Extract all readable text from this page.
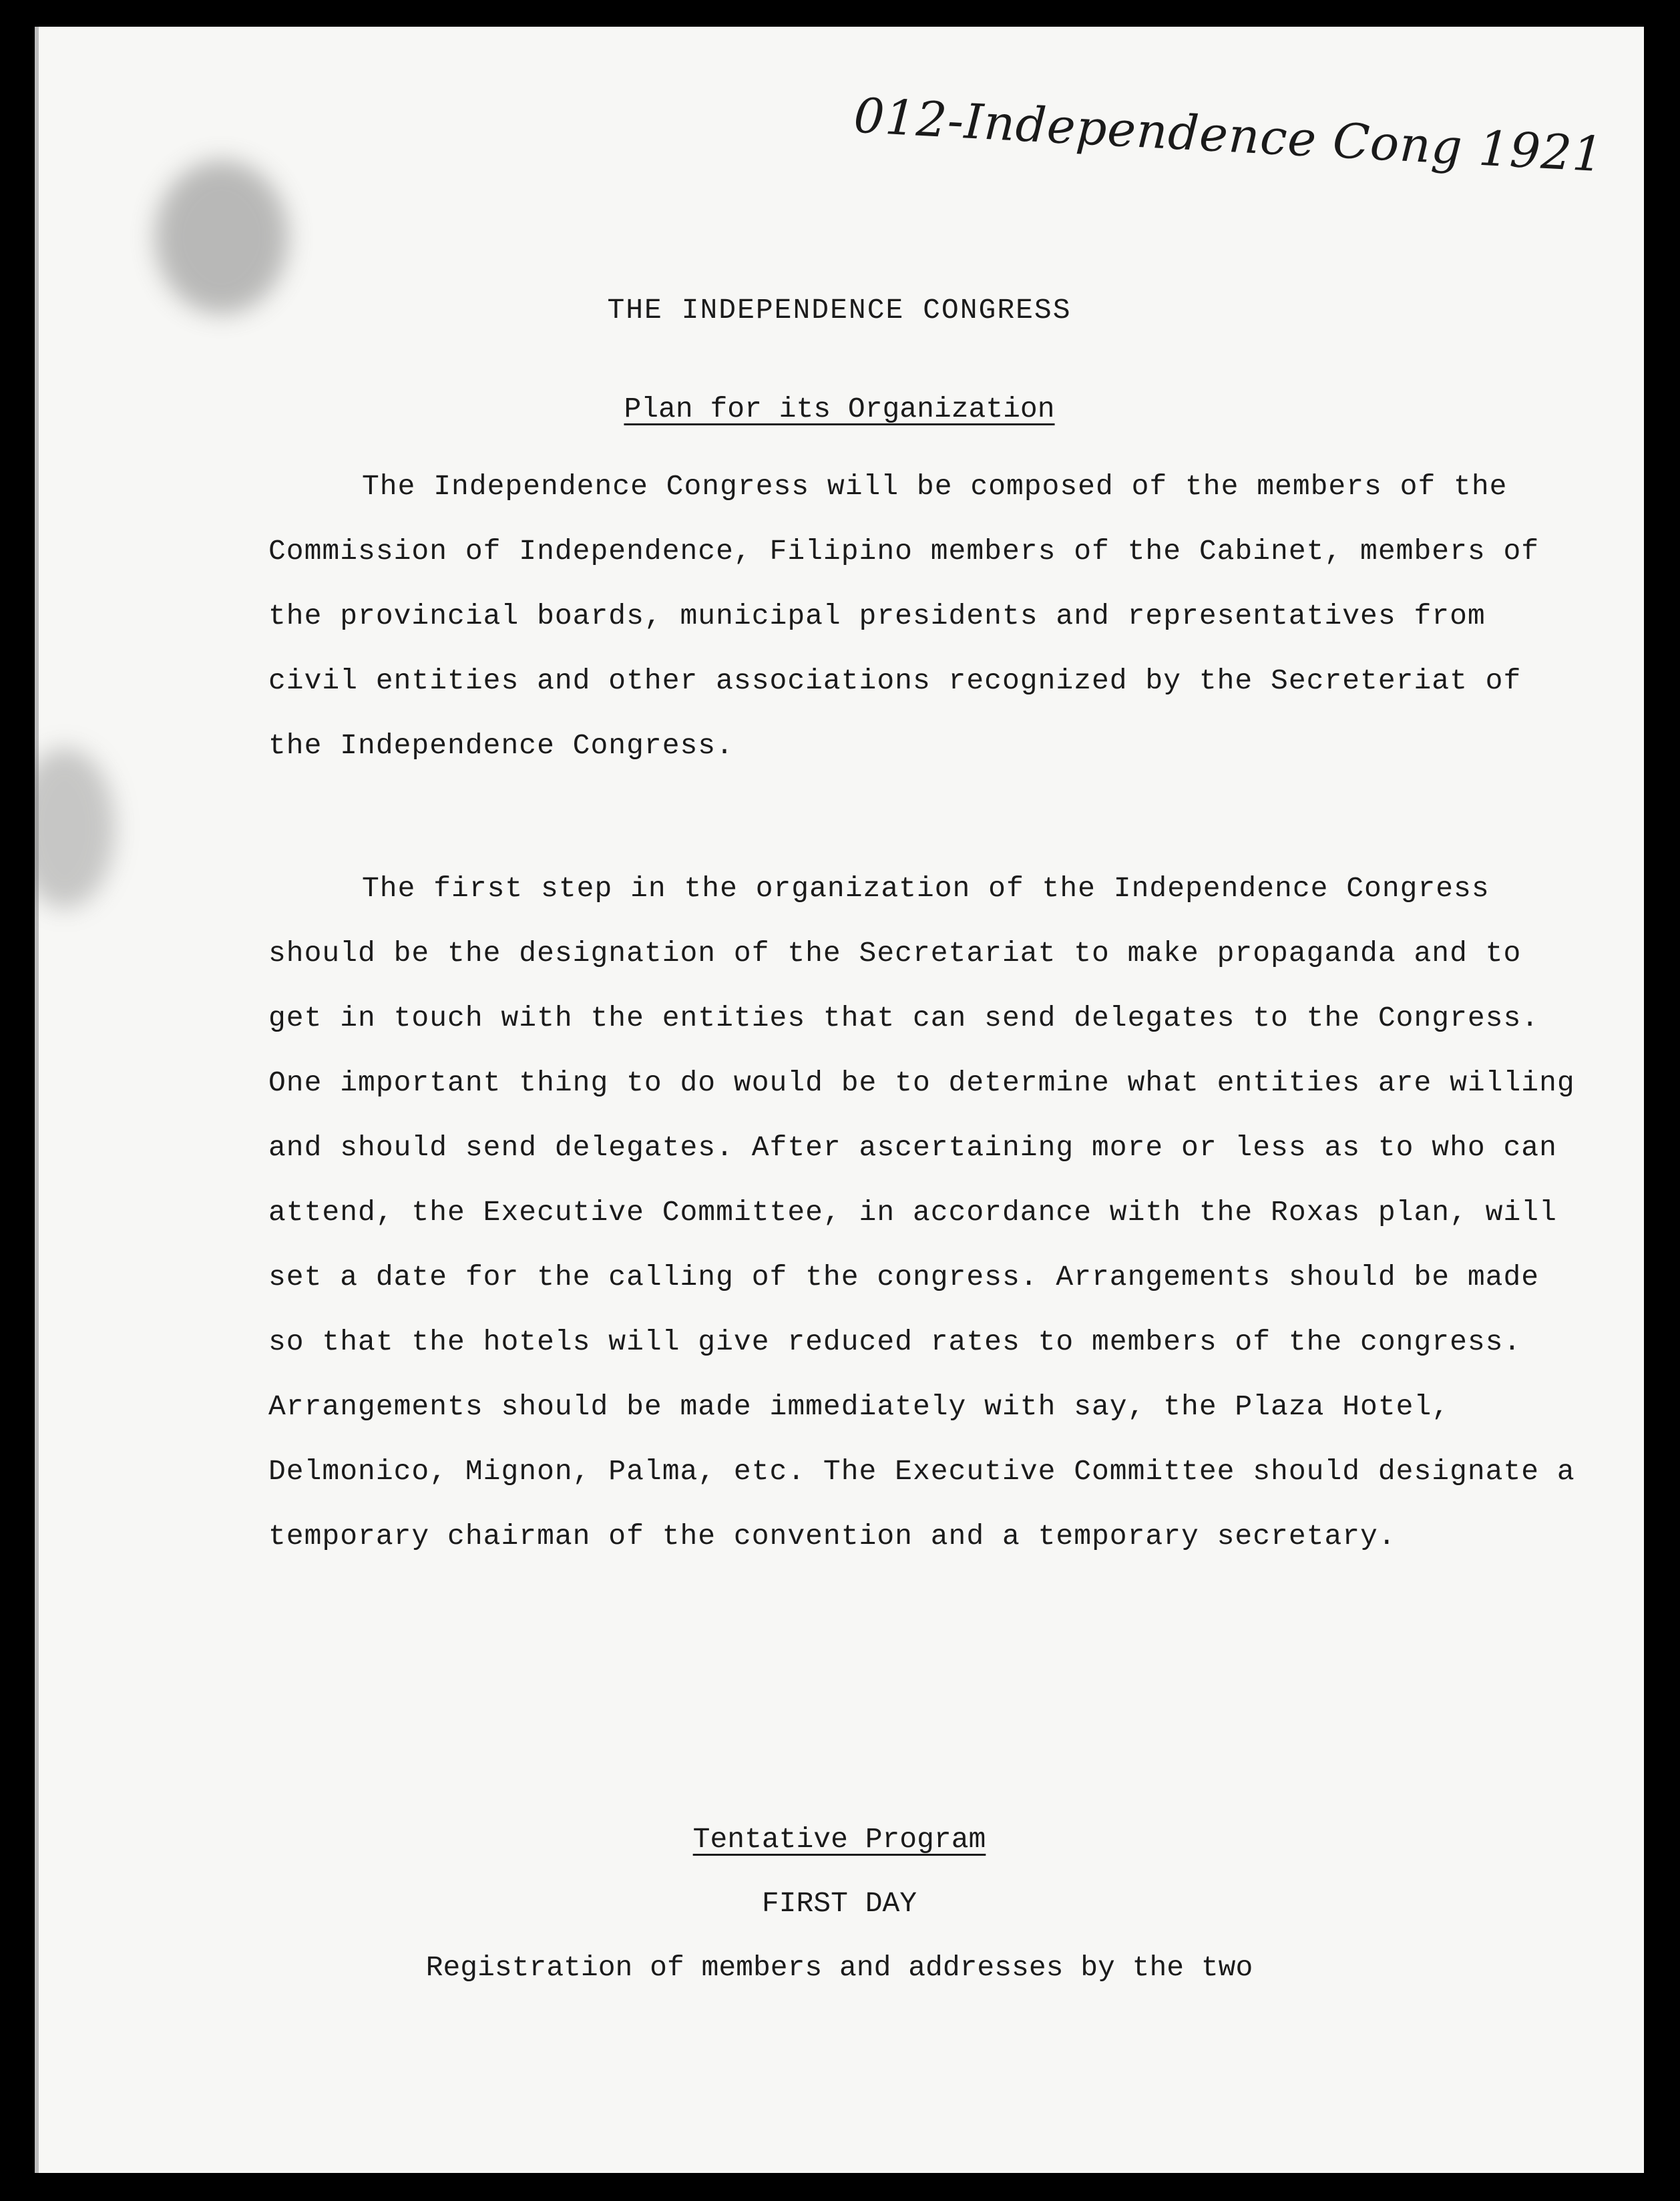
012-Independence Cong 1921
THE INDEPENDENCE CONGRESS
Plan for its Organization

The Independence Congress will be composed of the members of the Commission of Independence, Filipino members of the Cabinet, members of the provincial boards, municipal presidents and representatives from civil entities and other associations recognized by the Secreteriat of the Independence Congress.

The first step in the organization of the Independence Congress should be the designation of the Secretariat to make propaganda and to get in touch with the entities that can send delegates to the Congress. One important thing to do would be to determine what entities are willing and should send delegates. After ascertaining more or less as to who can attend, the Executive Committee, in accordance with the Roxas plan, will set a date for the calling of the congress. Arrangements should be made so that the hotels will give reduced rates to members of the congress. Arrangements should be made immediately with say, the Plaza Hotel, Delmonico, Mignon, Palma, etc. The Executive Committee should designate a temporary chairman of the convention and a temporary secretary.

Tentative Program
FIRST DAY
Registration of members and addresses by the two
